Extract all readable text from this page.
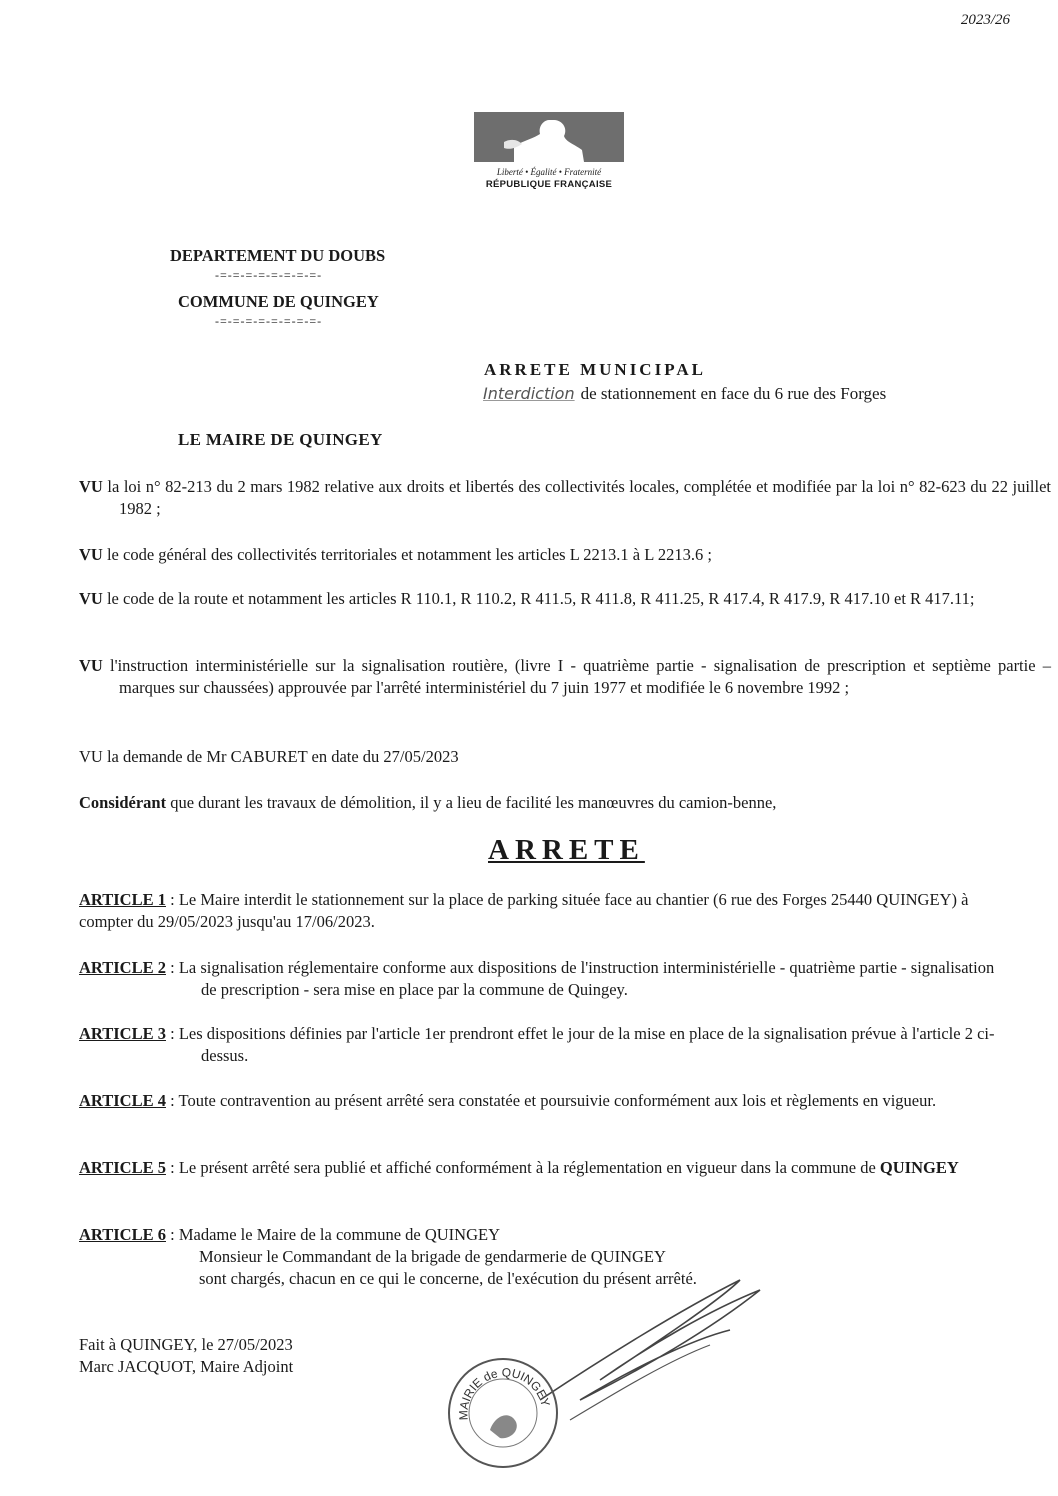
2023/26
Liberté • Égalité • Fraternité
RÉPUBLIQUE FRANÇAISE
DEPARTEMENT DU DOUBS
-=-=-=-=-=-=-=-=-
COMMUNE DE QUINGEY
-=-=-=-=-=-=-=-=-
ARRETE MUNICIPAL
Interdiction de stationnement en face du 6 rue des Forges
LE MAIRE DE QUINGEY
VU la loi n° 82-213 du 2 mars 1982 relative aux droits et libertés des collectivités locales, complétée et modifiée par la loi n° 82-623 du 22 juillet 1982 ;
VU le code général des collectivités territoriales et notamment les articles L 2213.1 à L 2213.6 ;
VU le code de la route et notamment les articles R 110.1, R 110.2, R 411.5, R 411.8, R 411.25, R 417.4, R 417.9, R 417.10 et R 417.11;
VU l'instruction interministérielle sur la signalisation routière, (livre I - quatrième partie - signalisation de prescription et septième partie – marques sur chaussées) approuvée par l'arrêté interministériel du 7 juin 1977 et modifiée le 6 novembre 1992 ;
VU la demande de Mr CABURET en date du 27/05/2023
Considérant que durant les travaux de démolition, il y a lieu de facilité les manœuvres du camion-benne,
ARRETE
ARTICLE 1 : Le Maire interdit le stationnement sur la place de parking située face au chantier (6 rue des Forges 25440 QUINGEY) à compter du 29/05/2023 jusqu'au 17/06/2023.
ARTICLE 2 : La signalisation réglementaire conforme aux dispositions de l'instruction interministérielle - quatrième partie - signalisation de prescription - sera mise en place par la commune de Quingey.
ARTICLE 3 : Les dispositions définies par l'article 1er prendront effet le jour de la mise en place de la signalisation prévue à l'article 2 ci-dessus.
ARTICLE 4 : Toute contravention au présent arrêté sera constatée et poursuivie conformément aux lois et règlements en vigueur.
ARTICLE 5 : Le présent arrêté sera publié et affiché conformément à la réglementation en vigueur dans la commune de QUINGEY
ARTICLE 6 : Madame le Maire de la commune de QUINGEY
Monsieur le Commandant de la brigade de gendarmerie de QUINGEY
sont chargés, chacun en ce qui le concerne, de l'exécution du présent arrêté.
Fait à QUINGEY, le 27/05/2023
Marc JACQUOT, Maire Adjoint
MAIRIE de QUINGEY
